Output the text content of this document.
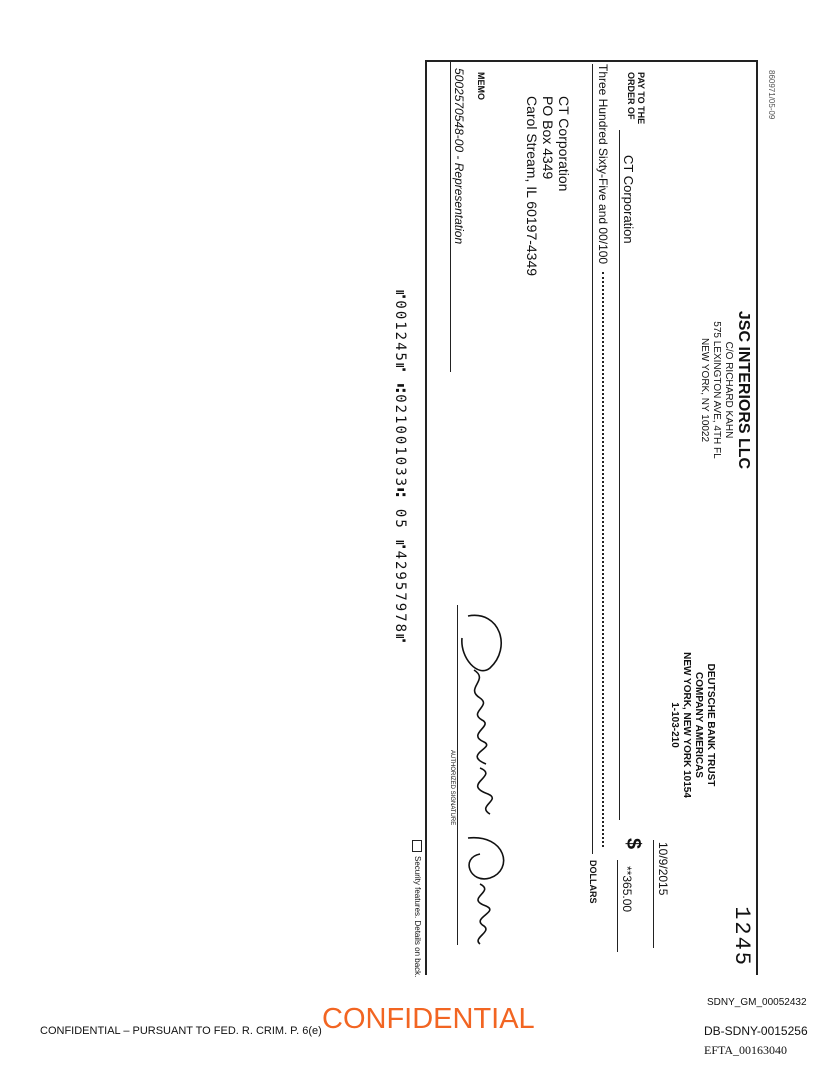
860971/05-09
1245
JSC INTERIORS LLC
C/O RICHARD KAHN
575 LEXINGTON AVE, 4TH FL
NEW YORK, NY 10022
DEUTSCHE BANK TRUST
COMPANY AMERICAS
NEW YORK, NEW YORK 10154
1-103-210
10/9/2015
PAY TO THE
ORDER OF
CT Corporation
$
**365.00
Three Hundred Sixty-Five and 00/100
DOLLARS
CT Corporation
PO Box 4349
Carol Stream, IL 60197-4349
MEMO
50025705​48-00 - Representation
AUTHORIZED SIGNATURE
Security features. Details on back.
⑈001245⑈ ⑆021001033⑆ 05 ⑈42957978⑈
CONFIDENTIAL – PURSUANT TO FED. R. CRIM. P. 6(e) CONFIDENTIAL
SDNY_GM_00052432
DB-SDNY-0015256
EFTA_00163040
